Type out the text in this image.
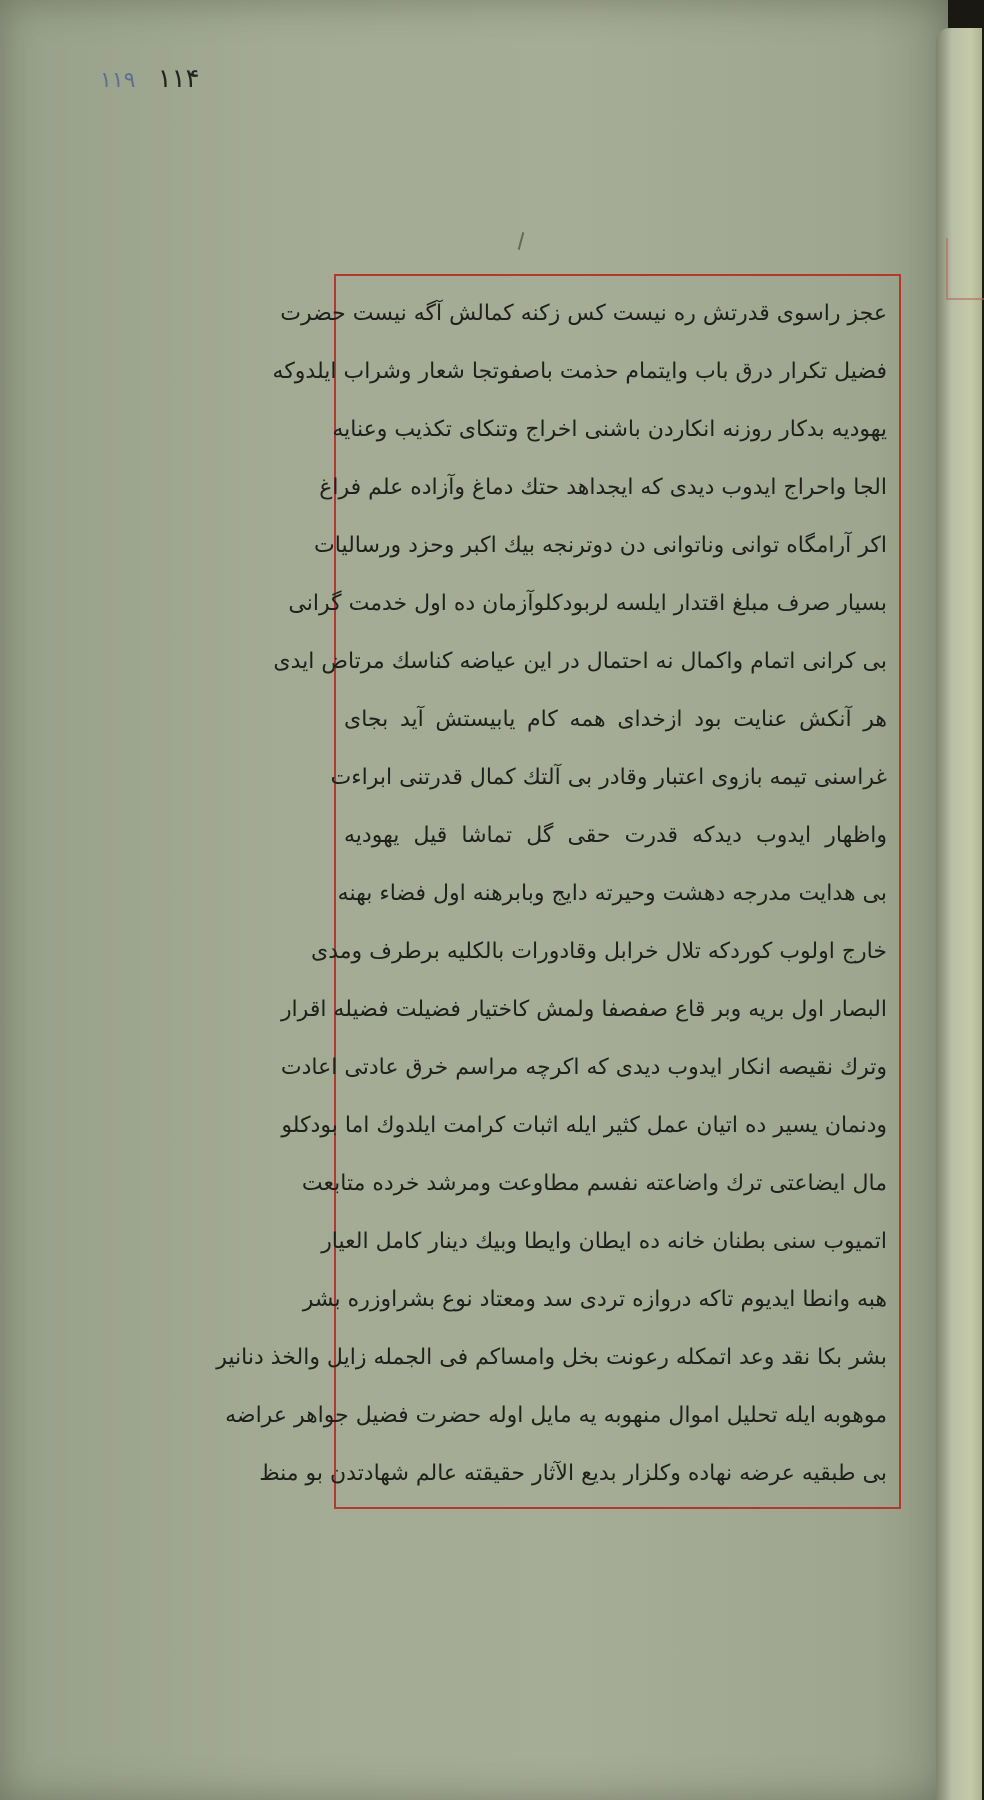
۱۱۴ ۱۱۹
عجز راسوی قدرتش ره نیست کس زکنه کمالش آگه نیست حضرت
فضیل تکرار درق باب وایتمام حذمت باصفوتجا شعار وشراب ایلدوکه
یهودیه بدکار روزنه انکاردن باشنی اخراج وتنکای تکذیب وعنایه
الجا واحراج ایدوب دیدی که ایجداهد حتك دماغ وآزاده علم فراغ
اکر آرامگاه توانی وناتوانی دن دوترنجه بیك اکبر وحزد ورسالیات
بسیار صرف مبلغ اقتدار ایلسه لربودکلوآزمان ده اول خدمت گرانی
بی کرانی اتمام واکمال نه احتمال در این عیاضه کناسك مرتاض ایدی
هر آنکش عنایت بود ازخدای همه کام یابیستش آید بجای
غراسنی تیمه بازوی اعتبار وقادر بی آلتك کمال قدرتنی ابراءت
واظهار ایدوب دیدکه قدرت حقی گل تماشا قیل یهودیه
بی هدایت مدرجه دهشت وحیرته دایج وبابرهنه اول فضاء بهنه
خارج اولوب کوردکه تلال خرابل وقادورات بالکلیه برطرف ومدی
البصار اول بریه وبر قاع صفصفا ولمش کاختیار فضیلت فضیله اقرار
وترك نقیصه انکار ایدوب دیدی که اکرچه مراسم خرق عادتی اعادت
ودنمان یسیر ده اتیان عمل کثیر ایله اثبات کرامت ایلدوك اما بودکلو
مال ایضاعتی ترك واضاعته نفسم مطاوعت ومرشد خرده متابعت
اتمیوب سنی بطنان خانه ده ایطان وایطا وبیك دینار کامل العیار
هبه وانطا ایدیوم تاکه دروازه تردی سد ومعتاد نوع بشراوزره بشر
بشر بکا نقد وعد اتمکله رعونت بخل وامساکم فی الجمله زایل والخذ دنانیر
موهوبه ایله تحلیل اموال منهوبه یه مایل اوله حضرت فضیل جواهر عراضه
بی طبقیه عرضه نهاده وکلزار بدیع الآثار حقیقته عالم شهادتدن بو منظ
